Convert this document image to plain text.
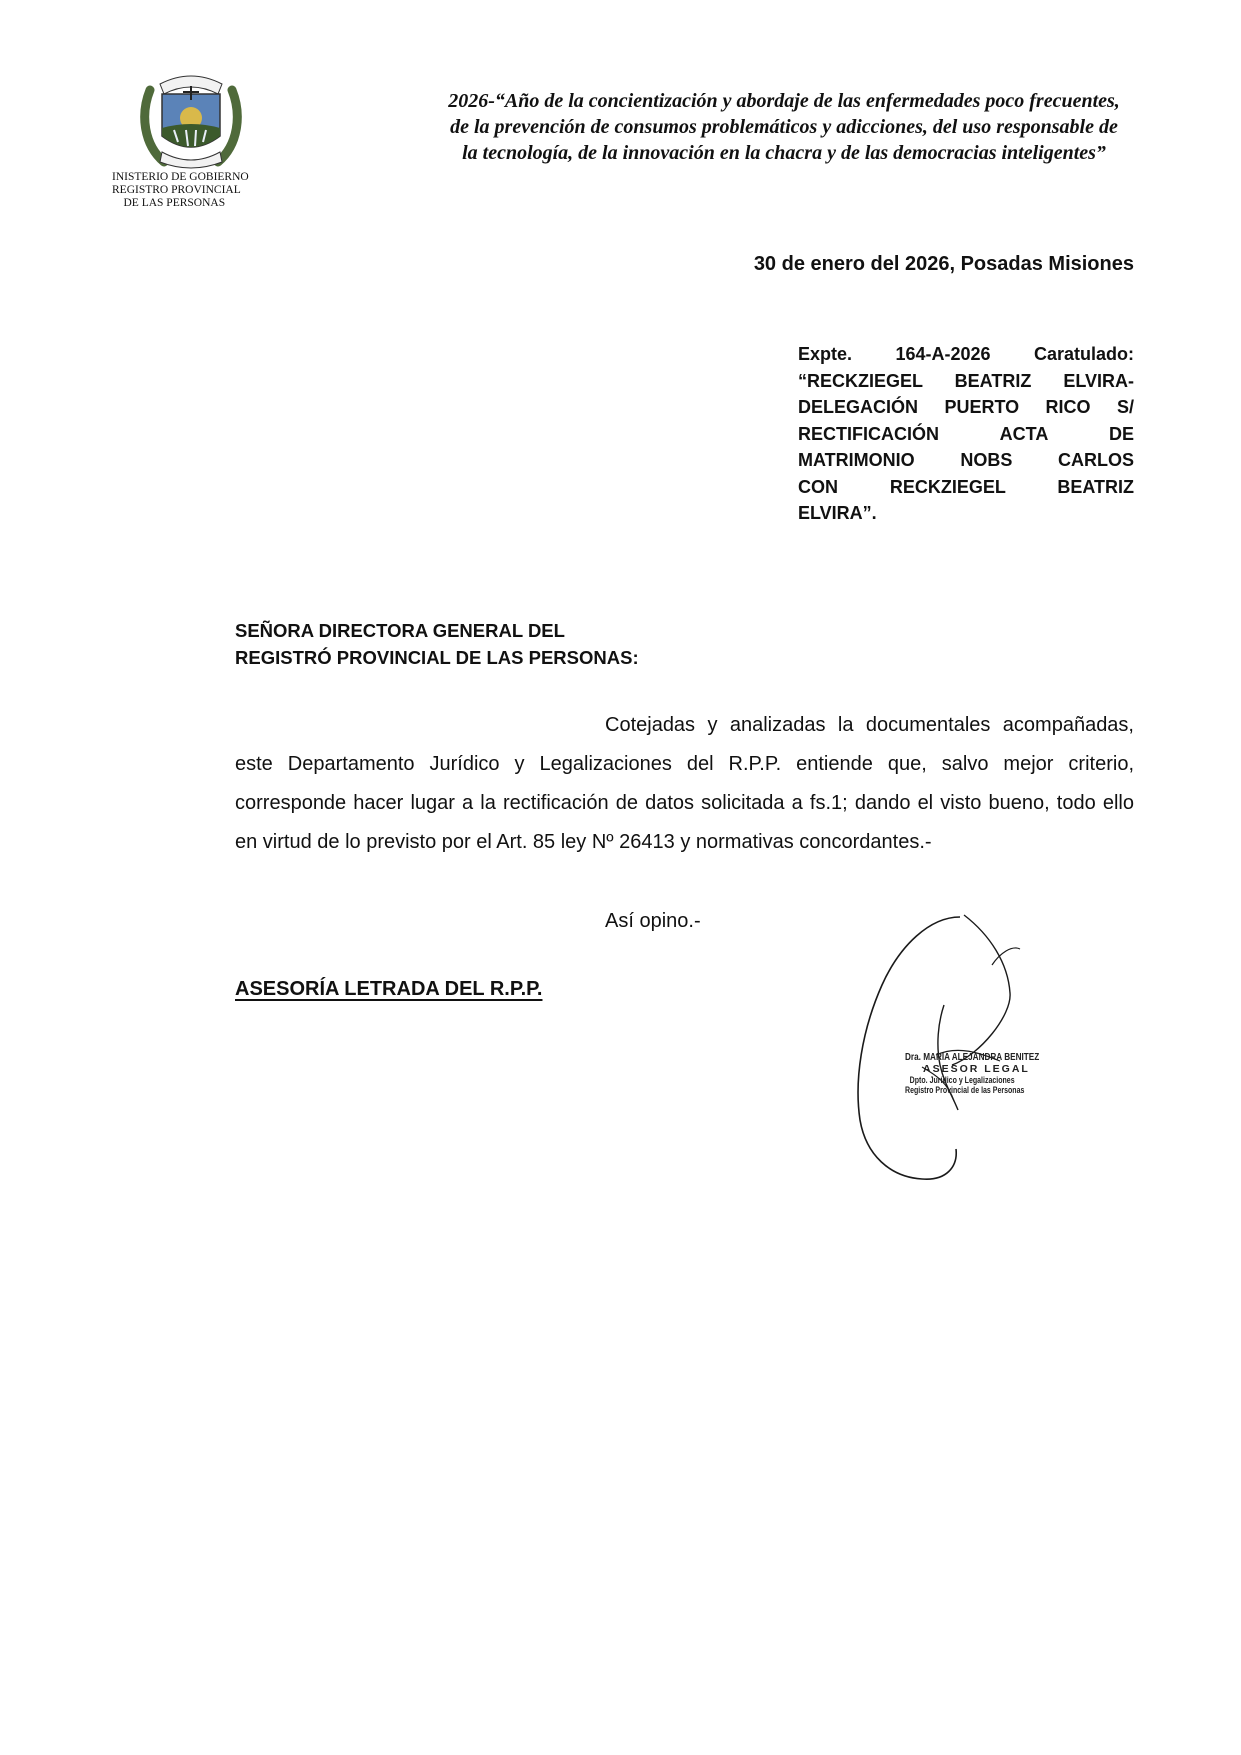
INISTERIO DE GOBIERNO
REGISTRO PROVINCIAL
DE LAS PERSONAS
2026-“Año de la concientización y abordaje de las enfermedades poco frecuentes,
de la prevención de consumos problemáticos y adicciones, del uso responsable de
la tecnología, de la innovación en la chacra y de las democracias inteligentes”
30 de enero del 2026, Posadas Misiones
Expte. 164-A-2026 Caratulado:
“RECKZIEGEL BEATRIZ ELVIRA-
DELEGACIÓN PUERTO RICO S/
RECTIFICACIÓN ACTA DE
MATRIMONIO NOBS CARLOS
CON RECKZIEGEL BEATRIZ
ELVIRA”.
SEÑORA DIRECTORA GENERAL DEL
REGISTRÓ PROVINCIAL DE LAS PERSONAS:
Cotejadas y analizadas la documentales acompañadas, este Departamento Jurídico y Legalizaciones del R.P.P. entiende que, salvo mejor criterio, corresponde hacer lugar a la rectificación de datos solicitada a fs.1; dando el visto bueno, todo ello en virtud de lo previsto por el Art. 85 ley Nº 26413 y normativas concordantes.-
Así opino.-
ASESORÍA LETRADA DEL R.P.P.
Dra. MARIA ALEJANDRA BENITEZ
ASESOR LEGAL
Dpto. Jurídico y Legalizaciones
Registro Provincial de las Personas
